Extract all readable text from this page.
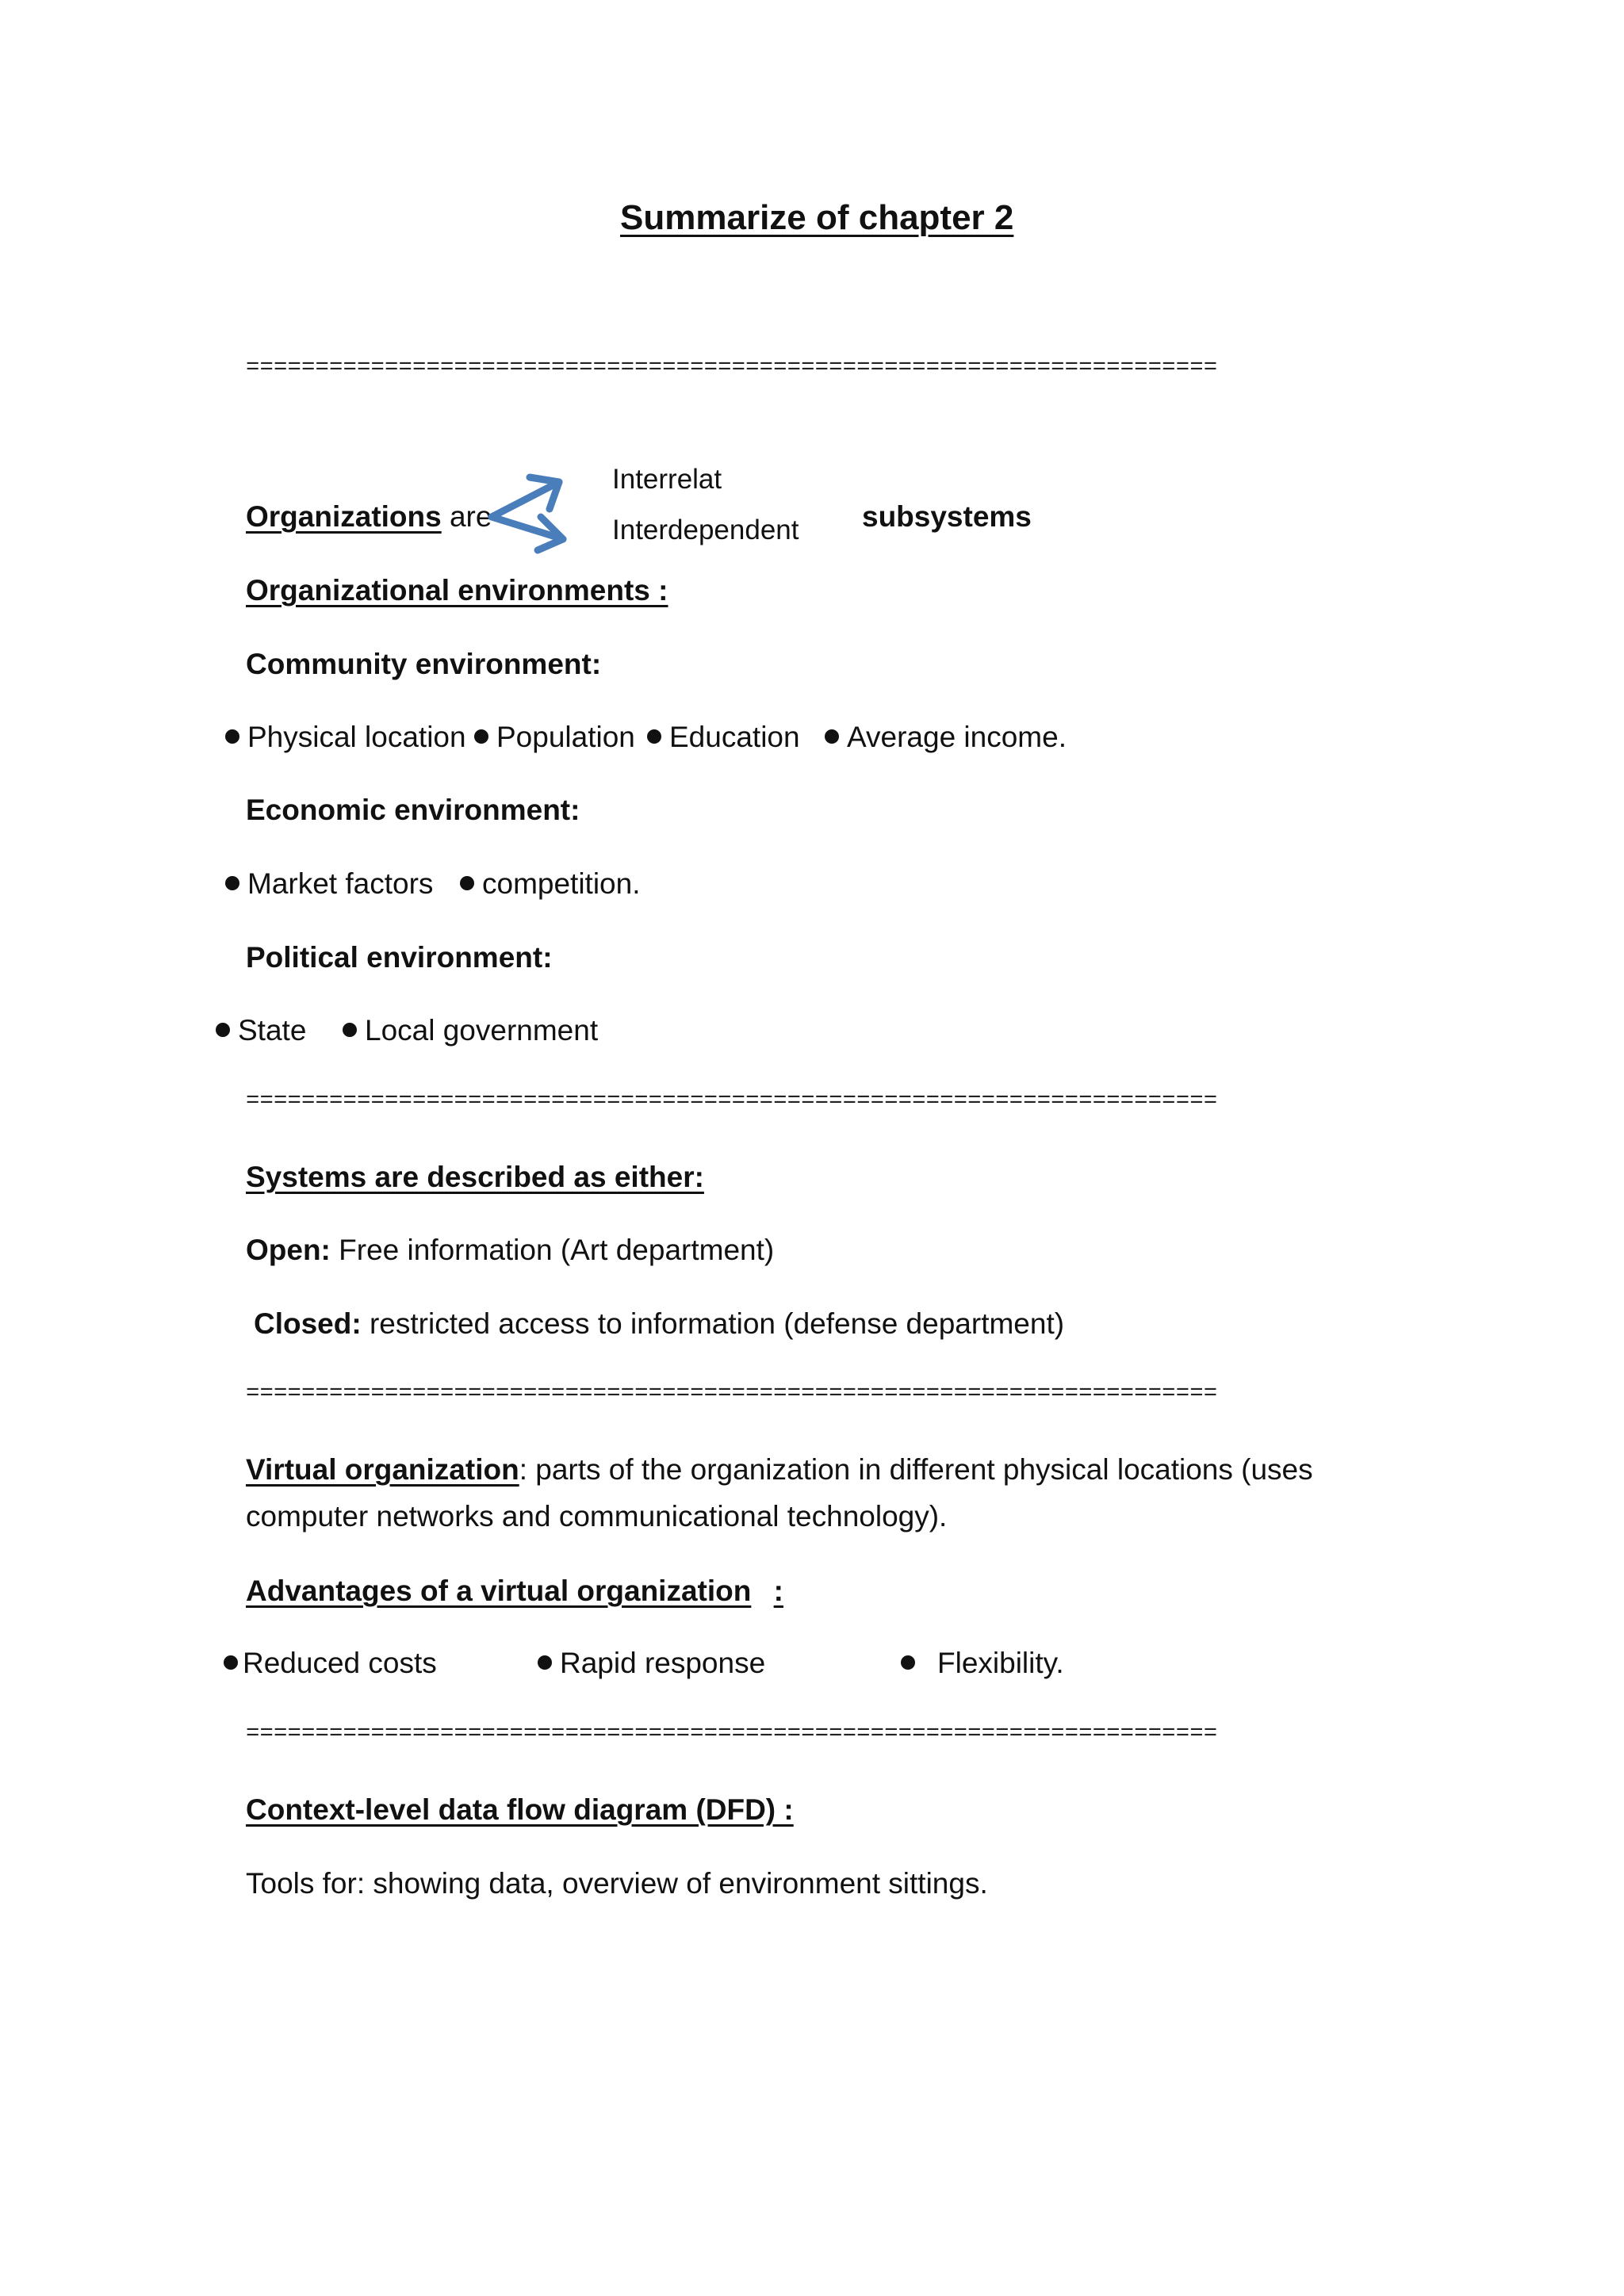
Summarize of chapter 2
======================================================================
Organizations are
Interrelat
Interdependent subsystems
Organizational environments :
Community environment:
Physical location	Population	Education	Average income.
Economic environment:
Market factors	competition.
Political environment:
State	Local government
======================================================================
Systems are described as either:
Open: Free information (Art department)
Closed: restricted access to information (defense department)
======================================================================
Virtual organization: parts of the organization in different physical locations (uses
computer networks and communicational technology).
Advantages of a virtual organization :
Reduced costs	Rapid response	Flexibility.
======================================================================
Context-level data flow diagram (DFD) :
Tools for: showing data, overview of environment sittings.
